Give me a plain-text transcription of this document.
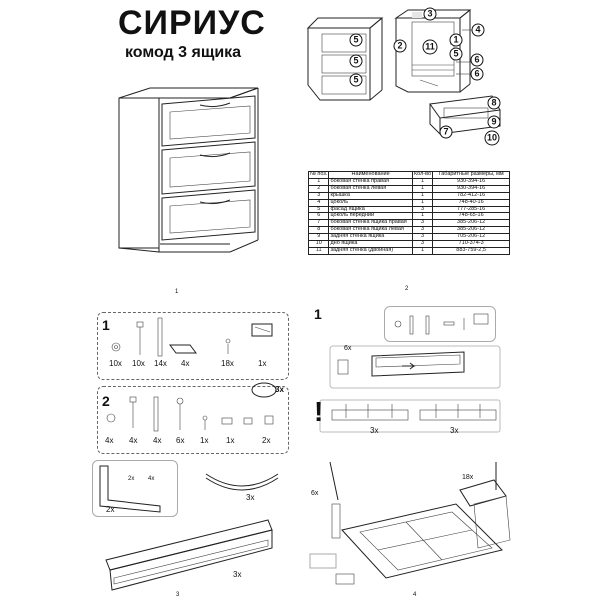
СИРИУС
комод 3 ящика
1
5
5
5
3
2	11
1
4
5
6
6
8
9
7
10
№ поз.	Наименование	Кол-во	Габаритные размеры, мм
1	боковая стенка правая	1	930-394-16
2	боковая стенка левая	1	930-394-16
3	крышка	1	782-412-16
4	цоколь	1	748-40-16
5	фасад ящика	3	777-285-16
6	цоколь передний	1	748-65-16
7	боковая стенка ящика правая	3	385-206-12
8	боковая стенка ящика левая	3	385-206-12
9	задняя стенка ящика	3	705-206-12
10	дно ящика	3	710-374-3
11	задняя стенка (двойная)	1	883-759-2,5
2
1
10x 10x 14x 4x	18x	1x
2
3x
4x 4x 4x 6x 1x 1x	2x
2x 4x
2x
3x
3x
3
1
6x
!
3x	3x
6x
18x
4
